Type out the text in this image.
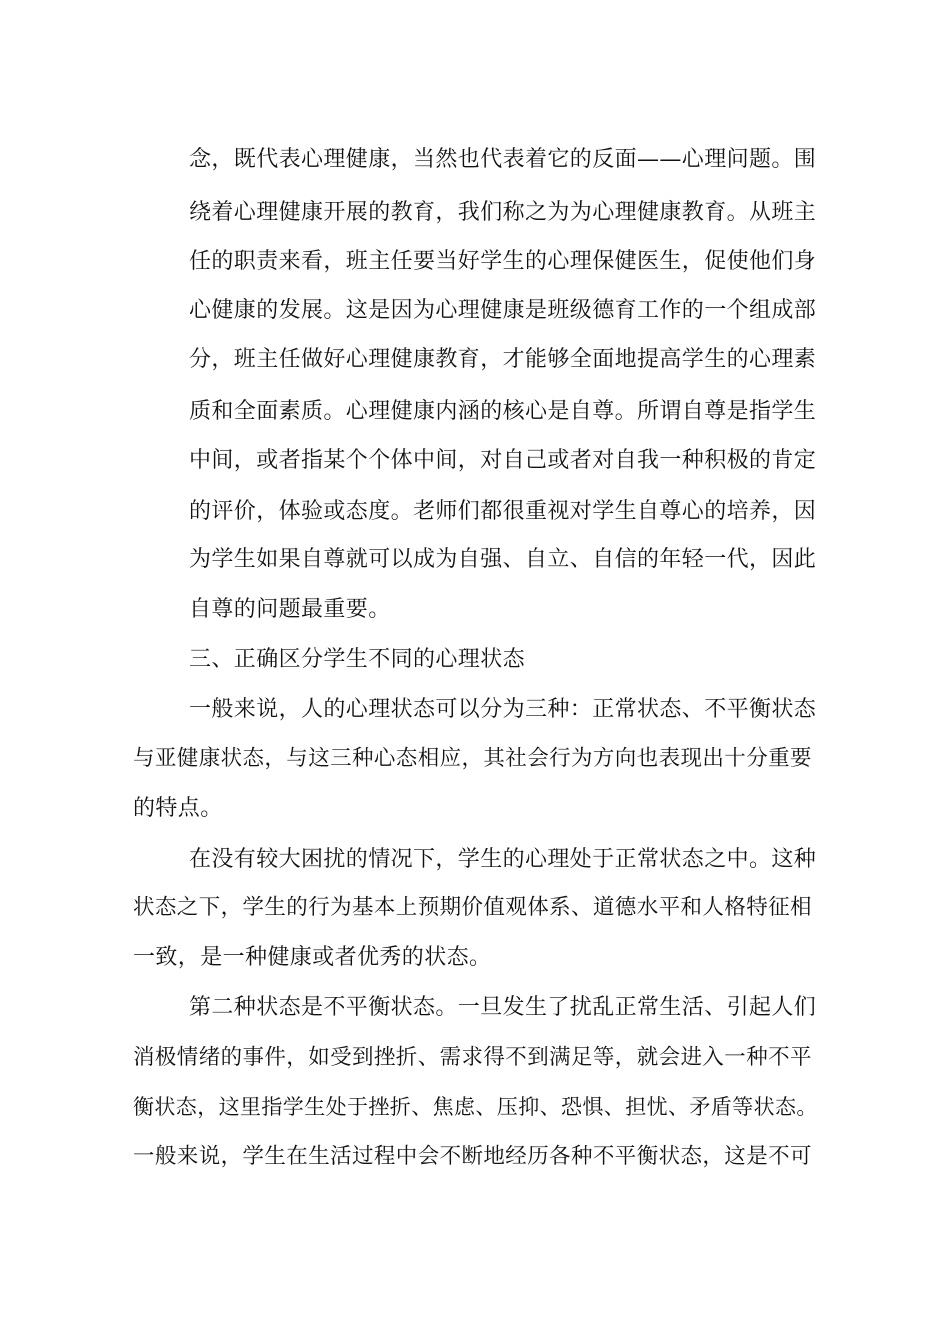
念，既代表心理健康，当然也代表着它的反面——心理问题。围
绕着心理健康开展的教育，我们称之为为心理健康教育。从班主
任的职责来看，班主任要当好学生的心理保健医生，促使他们身
心健康的发展。这是因为心理健康是班级德育工作的一个组成部
分，班主任做好心理健康教育，才能够全面地提高学生的心理素
质和全面素质。心理健康内涵的核心是自尊。所谓自尊是指学生
中间，或者指某个个体中间，对自己或者对自我一种积极的肯定
的评价，体验或态度。老师们都很重视对学生自尊心的培养，因
为学生如果自尊就可以成为自强、自立、自信的年轻一代，因此
自尊的问题最重要。
三、正确区分学生不同的心理状态
一般来说，人的心理状态可以分为三种：正常状态、不平衡状态
与亚健康状态，与这三种心态相应，其社会行为方向也表现出十分重要
的特点。
在没有较大困扰的情况下，学生的心理处于正常状态之中。这种
状态之下，学生的行为基本上预期价值观体系、道德水平和人格特征相
一致，是一种健康或者优秀的状态。
第二种状态是不平衡状态。一旦发生了扰乱正常生活、引起人们
消极情绪的事件，如受到挫折、需求得不到满足等，就会进入一种不平
衡状态，这里指学生处于挫折、焦虑、压抑、恐惧、担忧、矛盾等状态。
一般来说，学生在生活过程中会不断地经历各种不平衡状态，这是不可
